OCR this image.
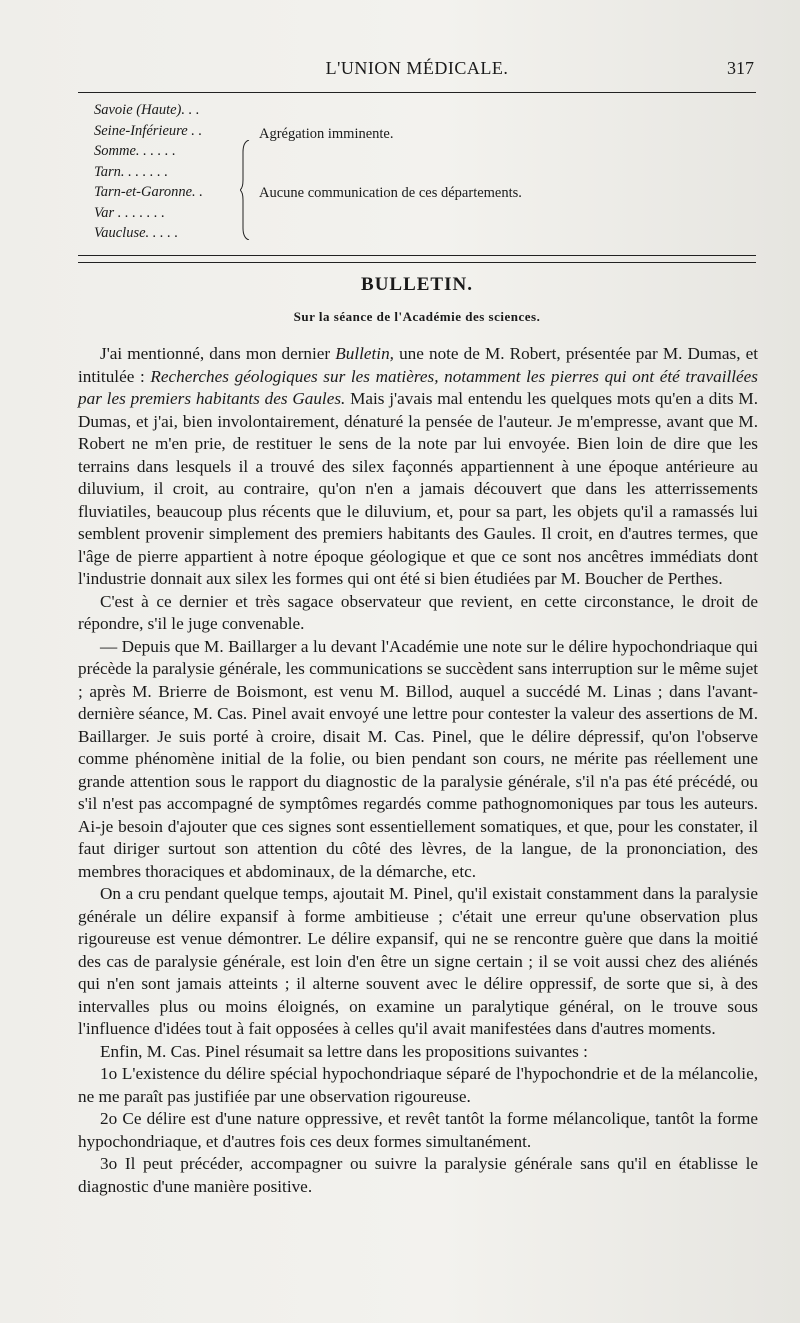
L'UNION MÉDICALE.	317
Savoie (Haute). . .
Seine-Inférieure . .
Somme. . . . . .
Tarn. . . . . . .
Tarn-et-Garonne. .
Var . . . . . . .
Vaucluse. . . . .
Agrégation imminente.
Aucune communication de ces départements.
BULLETIN.
Sur la séance de l'Académie des sciences.

J'ai mentionné, dans mon dernier Bulletin, une note de M. Robert, présentée par M. Dumas, et intitulée : Recherches géologiques sur les matières, notamment les pierres qui ont été travaillées par les premiers habitants des Gaules. Mais j'avais mal entendu les quelques mots qu'en a dits M. Dumas, et j'ai, bien involontairement, dénaturé la pensée de l'auteur. Je m'empresse, avant que M. Robert ne m'en prie, de restituer le sens de la note par lui envoyée. Bien loin de dire que les terrains dans lesquels il a trouvé des silex façonnés appartiennent à une époque antérieure au diluvium, il croit, au contraire, qu'on n'en a jamais découvert que dans les atterrissements fluviatiles, beaucoup plus récents que le diluvium, et, pour sa part, les objets qu'il a ramassés lui semblent provenir simplement des premiers habitants des Gaules. Il croit, en d'autres termes, que l'âge de pierre appartient à notre époque géologique et que ce sont nos ancêtres immédiats dont l'industrie donnait aux silex les formes qui ont été si bien étudiées par M. Boucher de Perthes.

C'est à ce dernier et très sagace observateur que revient, en cette circonstance, le droit de répondre, s'il le juge convenable.

— Depuis que M. Baillarger a lu devant l'Académie une note sur le délire hypochondriaque qui précède la paralysie générale, les communications se succèdent sans interruption sur le même sujet ; après M. Brierre de Boismont, est venu M. Billod, auquel a succédé M. Linas ; dans l'avant-dernière séance, M. Cas. Pinel avait envoyé une lettre pour contester la valeur des assertions de M. Baillarger. Je suis porté à croire, disait M. Cas. Pinel, que le délire dépressif, qu'on l'observe comme phénomène initial de la folie, ou bien pendant son cours, ne mérite pas réellement une grande attention sous le rapport du diagnostic de la paralysie générale, s'il n'a pas été précédé, ou s'il n'est pas accompagné de symptômes regardés comme pathognomoniques par tous les auteurs. Ai-je besoin d'ajouter que ces signes sont essentiellement somatiques, et que, pour les constater, il faut diriger surtout son attention du côté des lèvres, de la langue, de la prononciation, des membres thoraciques et abdominaux, de la démarche, etc.

On a cru pendant quelque temps, ajoutait M. Pinel, qu'il existait constamment dans la paralysie générale un délire expansif à forme ambitieuse ; c'était une erreur qu'une observation plus rigoureuse est venue démontrer. Le délire expansif, qui ne se rencontre guère que dans la moitié des cas de paralysie générale, est loin d'en être un signe certain ; il se voit aussi chez des aliénés qui n'en sont jamais atteints ; il alterne souvent avec le délire oppressif, de sorte que si, à des intervalles plus ou moins éloignés, on examine un paralytique général, on le trouve sous l'influence d'idées tout à fait opposées à celles qu'il avait manifestées dans d'autres moments.

Enfin, M. Cas. Pinel résumait sa lettre dans les propositions suivantes :

1o L'existence du délire spécial hypochondriaque séparé de l'hypochondrie et de la mélancolie, ne me paraît pas justifiée par une observation rigoureuse.

2o Ce délire est d'une nature oppressive, et revêt tantôt la forme mélancolique, tantôt la forme hypochondriaque, et d'autres fois ces deux formes simultanément.

3o Il peut précéder, accompagner ou suivre la paralysie générale sans qu'il en établisse le diagnostic d'une manière positive.
